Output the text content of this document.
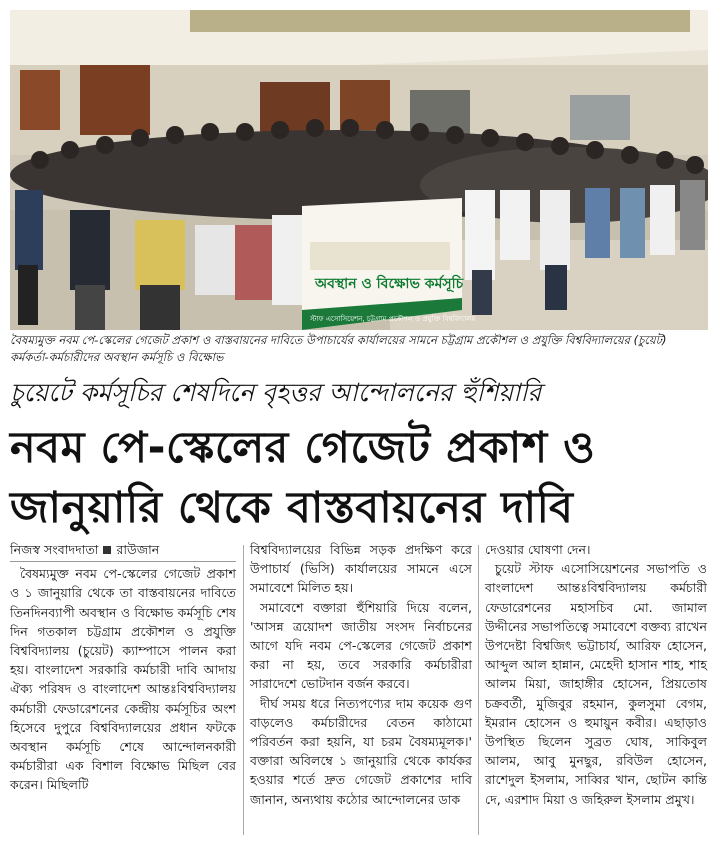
অবস্থান ও বিক্ষোভ কর্মসূচি
স্টাফ এসোসিয়েশন, চট্টগ্রাম প্রকৌশল ও প্রযুক্তি বিশ্ববিদ্যালয়
বৈষম্যমুক্ত নবম পে-স্কেলের গেজেট প্রকাশ ও বাস্তবায়নের দাবিতে উপাচার্যের কার্যালয়ের সামনে চট্টগ্রাম প্রকৌশল ও প্রযুক্তি বিশ্ববিদ্যালয়ের (চুয়েট) কর্মকর্তা-কর্মচারীদের অবস্থান কর্মসূচি ও বিক্ষোভ
চুয়েটে কর্মসূচির শেষদিনে বৃহত্তর আন্দোলনের হুঁশিয়ারি
নবম পে-স্কেলের গেজেট প্রকাশ ও
জানুয়ারি থেকে বাস্তবায়নের দাবি
নিজস্ব সংবাদদাতা রাউজান

বৈষম্যমুক্ত নবম পে-স্কেলের গেজেট প্রকাশ ও ১ জানুয়ারি থেকে তা বাস্তবায়নের দাবিতে তিনদিনব্যাপী অবস্থান ও বিক্ষোভ কর্মসূচি শেষ দিন গতকাল চট্টগ্রাম প্রকৌশল ও প্রযুক্তি বিশ্ববিদ্যালয় (চুয়েট) ক্যাম্পাসে পালন করা হয়। বাংলাদেশ সরকারি কর্মচারী দাবি আদায় ঐক্য পরিষদ ও বাংলাদেশ আন্তঃবিশ্ববিদ্যালয় কর্মচারী ফেডারেশনের কেন্দ্রীয় কর্মসূচির অংশ হিসেবে দুপুরে বিশ্ববিদ্যালয়ের প্রধান ফটকে অবস্থান কর্মসূচি শেষে আন্দোলনকারী কর্মচারীরা এক বিশাল বিক্ষোভ মিছিল বের করেন। মিছিলটি

বিশ্ববিদ্যালয়ের বিভিন্ন সড়ক প্রদক্ষিণ করে উপাচার্য (ভিসি) কার্যালয়ের সামনে এসে সমাবেশে মিলিত হয়।

সমাবেশে বক্তারা হুঁশিয়ারি দিয়ে বলেন, 'আসন্ন ত্রয়োদশ জাতীয় সংসদ নির্বাচনের আগে যদি নবম পে-স্কেলের গেজেট প্রকাশ করা না হয়, তবে সরকারি কর্মচারীরা সারাদেশে ভোটদান বর্জন করবে।

দীর্ঘ সময় ধরে নিত্যপণ্যের দাম কয়েক গুণ বাড়লেও কর্মচারীদের বেতন কাঠামো পরিবর্তন করা হয়নি, যা চরম বৈষম্যমূলক।' বক্তারা অবিলম্বে ১ জানুয়ারি থেকে কার্যকর হওয়ার শর্তে দ্রুত গেজেট প্রকাশের দাবি জানান, অন্যথায় কঠোর আন্দোলনের ডাক

দেওয়ার ঘোষণা দেন।

চুয়েট স্টাফ এসোসিয়েশনের সভাপতি ও বাংলাদেশ আন্তঃবিশ্ববিদ্যালয় কর্মচারী ফেডারেশনের মহাসচিব মো. জামাল উদ্দীনের সভাপতিত্বে সমাবেশে বক্তব্য রাখেন উপদেষ্টা বিশ্বজিৎ ভট্টাচার্য, আরিফ হোসেন, আব্দুল আল হান্নান, মেহেদী হাসান শাহ, শাহ আলম মিয়া, জাহাঙ্গীর হোসেন, প্রিয়তোষ চক্রবর্তী, মুজিবুর রহমান, কুলসুমা বেগম, ইমরান হোসেন ও হুমায়ুন কবীর। এছাড়াও উপস্থিত ছিলেন সুব্রত ঘোষ, সাকিবুল আলম, আবু মুনছুর, রবিউল হোসেন, রাশেদুল ইসলাম, সাব্বির খান, ছোটন কান্তি দে, এরশাদ মিয়া ও জহিরুল ইসলাম প্রমুখ।
